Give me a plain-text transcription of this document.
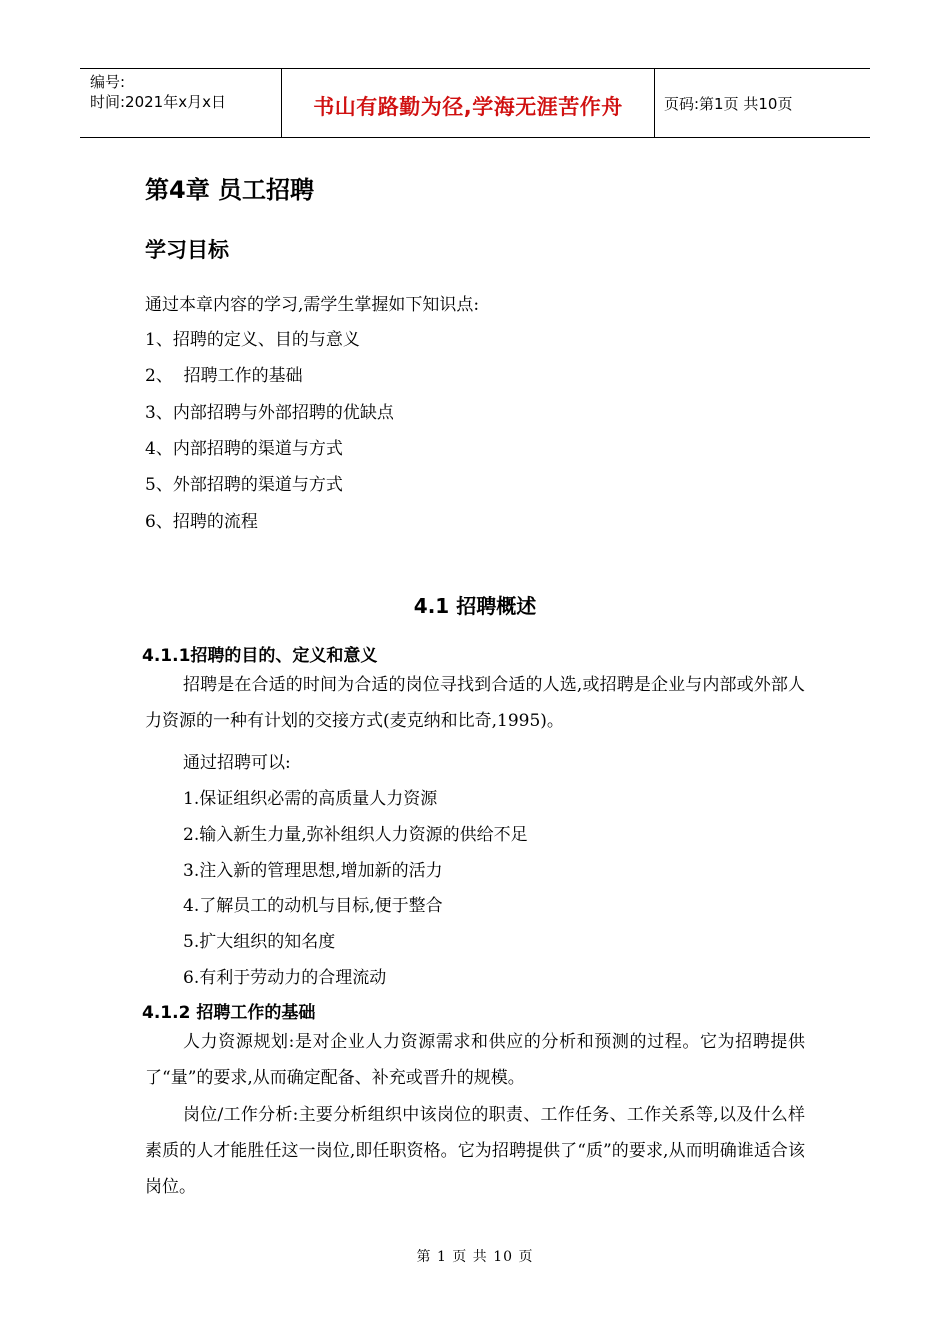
编号:
时间:2021年x月x日	书山有路勤为径,学海无涯苦作舟	页码:第1页 共10页
第4章 员工招聘
学习目标
通过本章内容的学习,需学生掌握如下知识点:
1、招聘的定义、目的与意义
2、  招聘工作的基础
3、内部招聘与外部招聘的优缺点
4、内部招聘的渠道与方式
5、外部招聘的渠道与方式
6、招聘的流程
4.1 招聘概述
4.1.1招聘的目的、定义和意义
招聘是在合适的时间为合适的岗位寻找到合适的人选,或招聘是企业与内部或外部人力资源的一种有计划的交接方式(麦克纳和比奇,1995)。
通过招聘可以:
1.保证组织必需的高质量人力资源
2.输入新生力量,弥补组织人力资源的供给不足
3.注入新的管理思想,增加新的活力
4.了解员工的动机与目标,便于整合
5.扩大组织的知名度
6.有利于劳动力的合理流动
4.1.2 招聘工作的基础
人力资源规划:是对企业人力资源需求和供应的分析和预测的过程。它为招聘提供了“量”的要求,从而确定配备、补充或晋升的规模。
岗位/工作分析:主要分析组织中该岗位的职责、工作任务、工作关系等,以及什么样素质的人才能胜任这一岗位,即任职资格。它为招聘提供了“质”的要求,从而明确谁适合该岗位。
第 1 页 共 10 页
